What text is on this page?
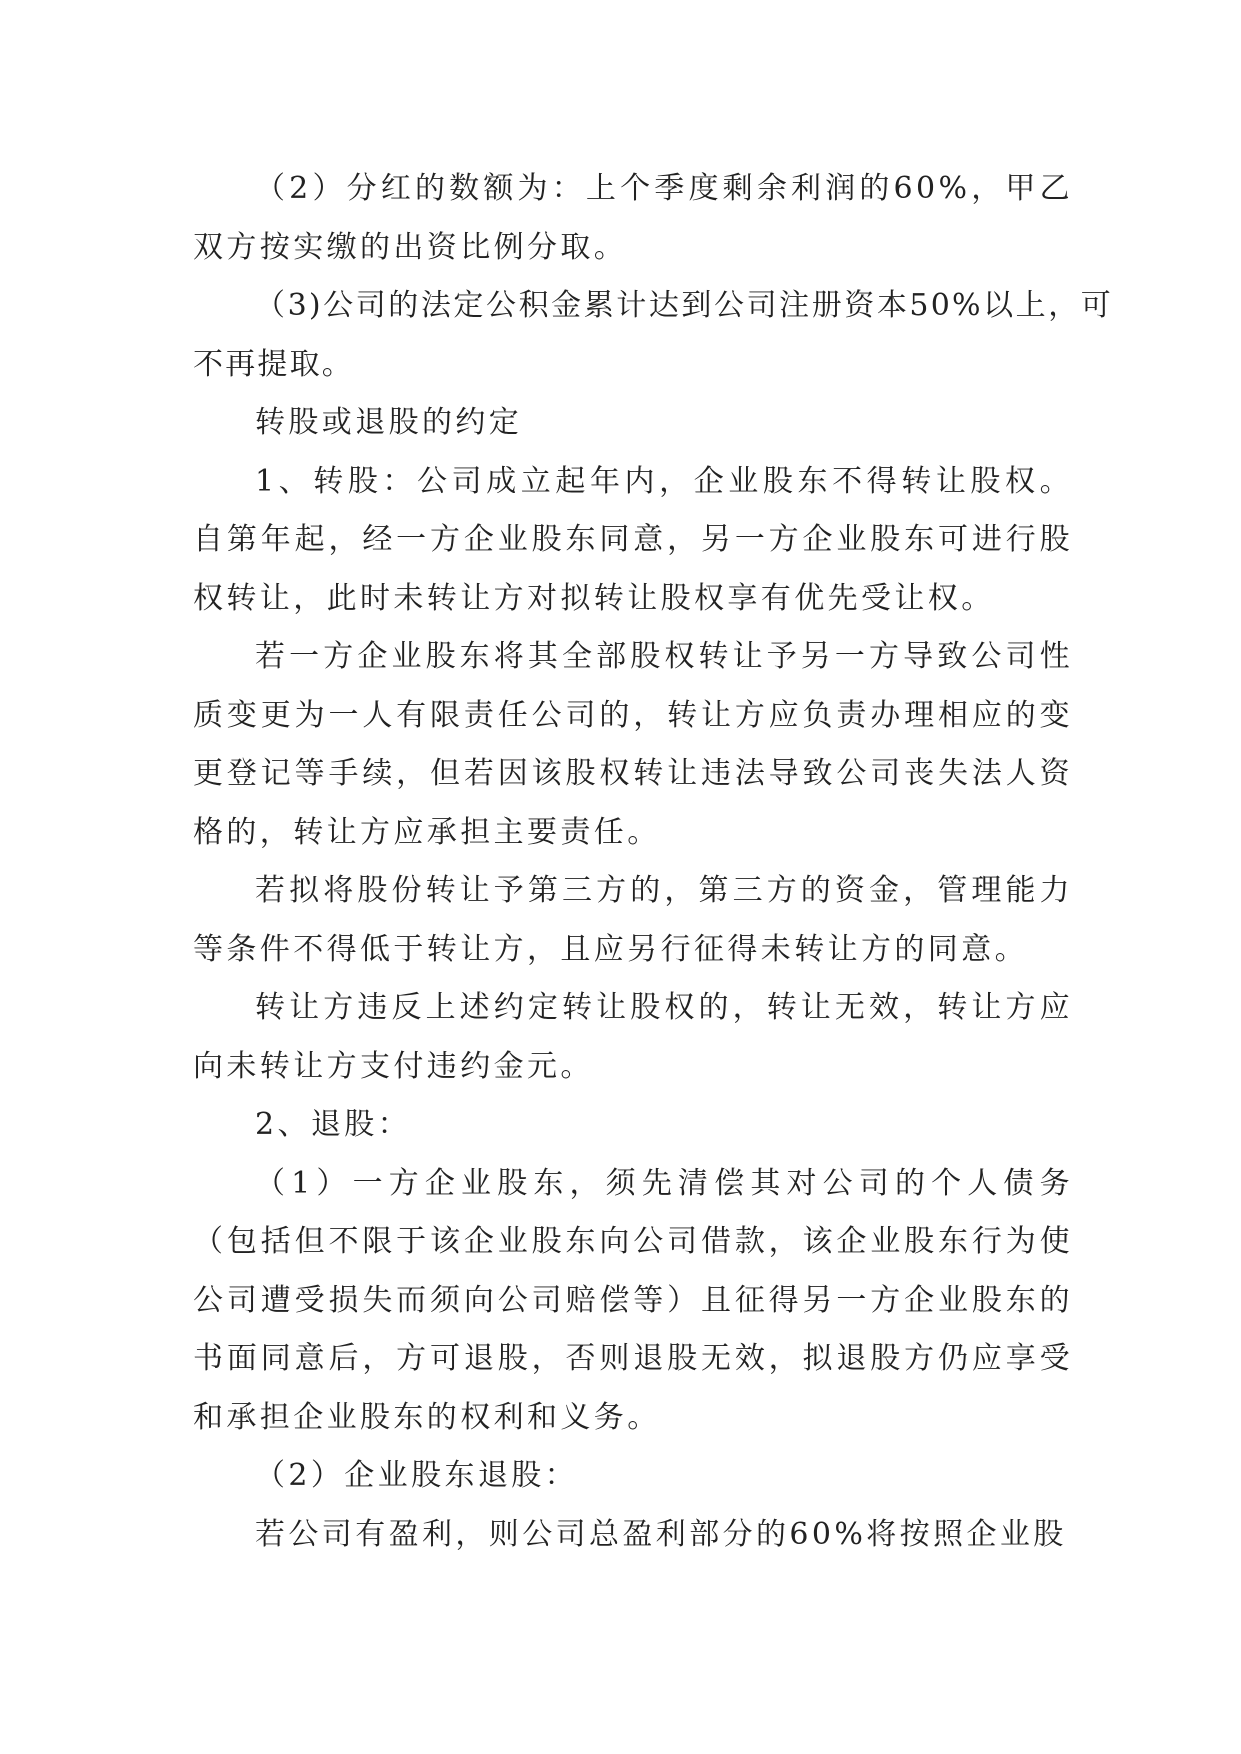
（2）分红的数额为：上个季度剩余利润的60%，甲乙双方按实缴的出资比例分取。

（3)公司的法定公积金累计达到公司注册资本50%以上，可不再提取。

转股或退股的约定

1、转股：公司成立起年内，企业股东不得转让股权。自第年起，经一方企业股东同意，另一方企业股东可进行股权转让，此时未转让方对拟转让股权享有优先受让权。

若一方企业股东将其全部股权转让予另一方导致公司性质变更为一人有限责任公司的，转让方应负责办理相应的变更登记等手续，但若因该股权转让违法导致公司丧失法人资格的，转让方应承担主要责任。

若拟将股份转让予第三方的，第三方的资金，管理能力等条件不得低于转让方，且应另行征得未转让方的同意。

转让方违反上述约定转让股权的，转让无效，转让方应向未转让方支付违约金元。

2、退股：

（1）一方企业股东，须先清偿其对公司的个人债务（包括但不限于该企业股东向公司借款，该企业股东行为使公司遭受损失而须向公司赔偿等）且征得另一方企业股东的书面同意后，方可退股，否则退股无效，拟退股方仍应享受和承担企业股东的权利和义务。

（2）企业股东退股：

若公司有盈利，则公司总盈利部分的60%将按照企业股
